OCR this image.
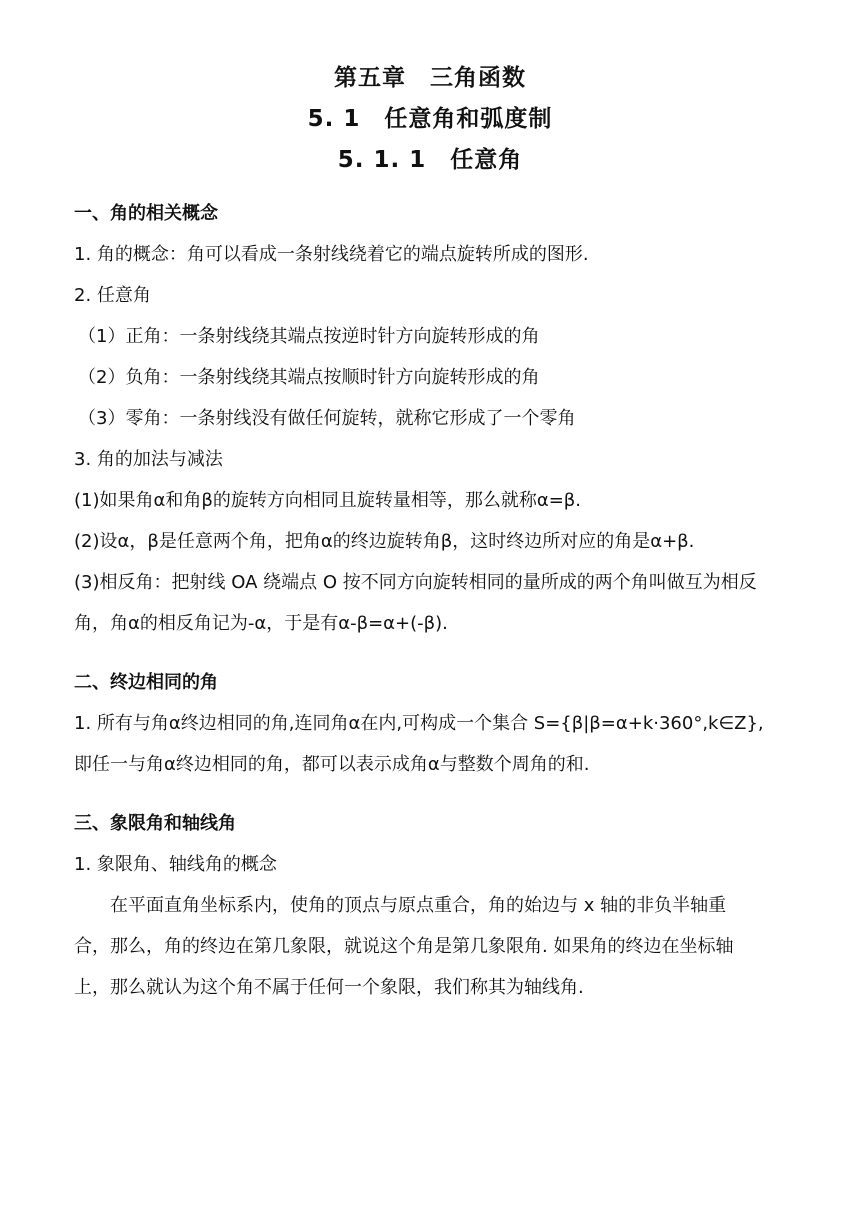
第五章　三角函数
5. 1　任意角和弧度制
5. 1. 1　任意角
一、角的相关概念
1. 角的概念：角可以看成一条射线绕着它的端点旋转所成的图形.
2. 任意角
（1）正角：一条射线绕其端点按逆时针方向旋转形成的角
（2）负角：一条射线绕其端点按顺时针方向旋转形成的角
（3）零角：一条射线没有做任何旋转，就称它形成了一个零角
3. 角的加法与减法
(1)如果角α和角β的旋转方向相同且旋转量相等，那么就称α=β.
(2)设α，β是任意两个角，把角α的终边旋转角β，这时终边所对应的角是α+β.
(3)相反角：把射线 OA 绕端点 O 按不同方向旋转相同的量所成的两个角叫做互为相反
角，角α的相反角记为-α，于是有α-β=α+(-β).
二、终边相同的角
1. 所有与角α终边相同的角,连同角α在内,可构成一个集合 S={β|β=α+k·360°,k∈Z},
即任一与角α终边相同的角，都可以表示成角α与整数个周角的和.
三、象限角和轴线角
1. 象限角、轴线角的概念
　　在平面直角坐标系内，使角的顶点与原点重合，角的始边与 x 轴的非负半轴重
合，那么，角的终边在第几象限，就说这个角是第几象限角. 如果角的终边在坐标轴
上，那么就认为这个角不属于任何一个象限，我们称其为轴线角.
